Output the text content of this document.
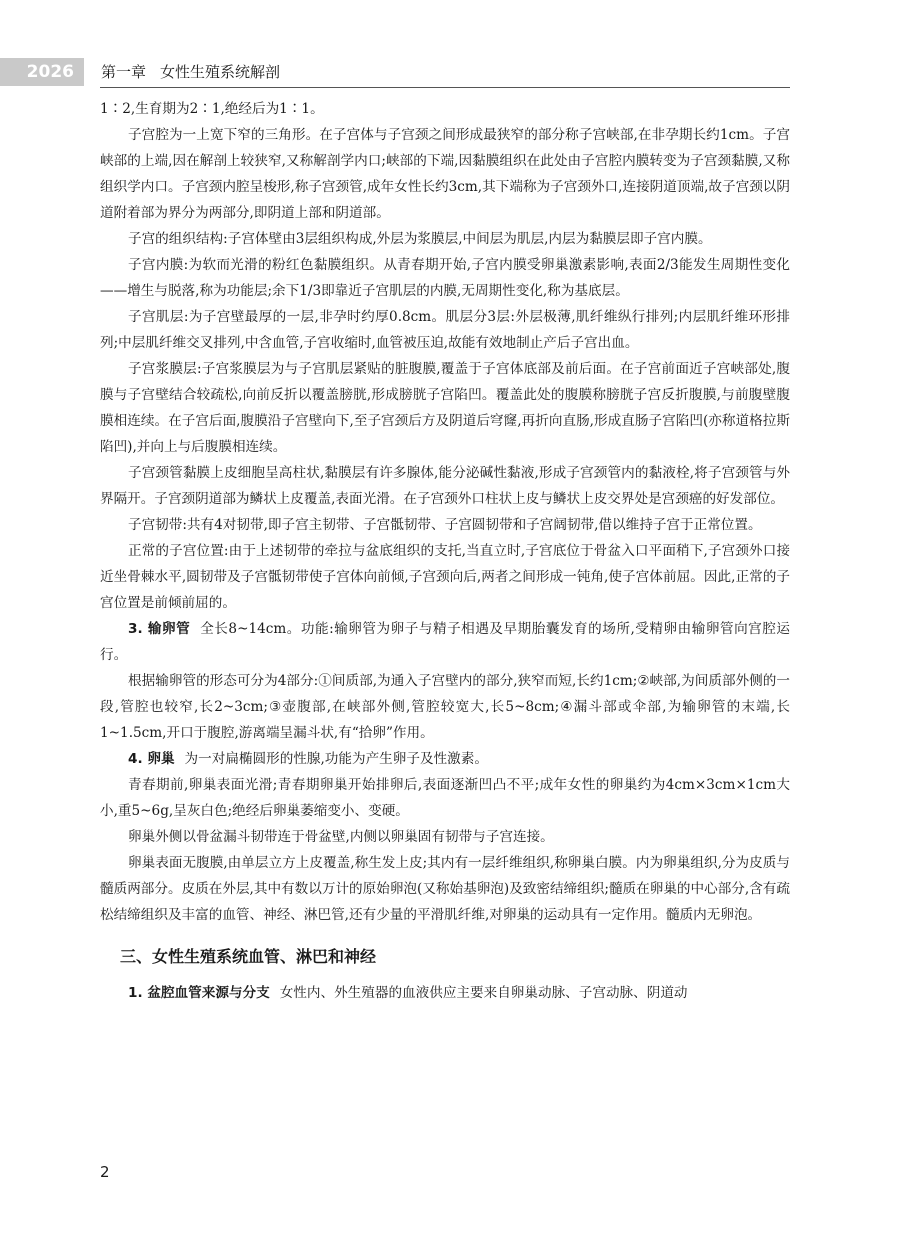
2026	第一章 女性生殖系统解剖

1∶2,生育期为2∶1,绝经后为1∶1。

子宫腔为一上宽下窄的三角形。在子宫体与子宫颈之间形成最狭窄的部分称子宫峡部,在非孕期长约1cm。子宫峡部的上端,因在解剖上较狭窄,又称解剖学内口;峡部的下端,因黏膜组织在此处由子宫腔内膜转变为子宫颈黏膜,又称组织学内口。子宫颈内腔呈梭形,称子宫颈管,成年女性长约3cm,其下端称为子宫颈外口,连接阴道顶端,故子宫颈以阴道附着部为界分为两部分,即阴道上部和阴道部。

子宫的组织结构:子宫体壁由3层组织构成,外层为浆膜层,中间层为肌层,内层为黏膜层即子宫内膜。

子宫内膜:为软而光滑的粉红色黏膜组织。从青春期开始,子宫内膜受卵巢激素影响,表面2/3能发生周期性变化——增生与脱落,称为功能层;余下1/3即靠近子宫肌层的内膜,无周期性变化,称为基底层。

子宫肌层:为子宫壁最厚的一层,非孕时约厚0.8cm。肌层分3层:外层极薄,肌纤维纵行排列;内层肌纤维环形排列;中层肌纤维交叉排列,中含血管,子宫收缩时,血管被压迫,故能有效地制止产后子宫出血。

子宫浆膜层:子宫浆膜层为与子宫肌层紧贴的脏腹膜,覆盖于子宫体底部及前后面。在子宫前面近子宫峡部处,腹膜与子宫壁结合较疏松,向前反折以覆盖膀胱,形成膀胱子宫陷凹。覆盖此处的腹膜称膀胱子宫反折腹膜,与前腹壁腹膜相连续。在子宫后面,腹膜沿子宫壁向下,至子宫颈后方及阴道后穹窿,再折向直肠,形成直肠子宫陷凹(亦称道格拉斯陷凹),并向上与后腹膜相连续。

子宫颈管黏膜上皮细胞呈高柱状,黏膜层有许多腺体,能分泌碱性黏液,形成子宫颈管内的黏液栓,将子宫颈管与外界隔开。子宫颈阴道部为鳞状上皮覆盖,表面光滑。在子宫颈外口柱状上皮与鳞状上皮交界处是宫颈癌的好发部位。

子宫韧带:共有4对韧带,即子宫主韧带、子宫骶韧带、子宫圆韧带和子宫阔韧带,借以维持子宫于正常位置。

正常的子宫位置:由于上述韧带的牵拉与盆底组织的支托,当直立时,子宫底位于骨盆入口平面稍下,子宫颈外口接近坐骨棘水平,圆韧带及子宫骶韧带使子宫体向前倾,子宫颈向后,两者之间形成一钝角,使子宫体前屈。因此,正常的子宫位置是前倾前屈的。

3. 输卵管 全长8~14cm。功能:输卵管为卵子与精子相遇及早期胎囊发育的场所,受精卵由输卵管向宫腔运行。

根据输卵管的形态可分为4部分:①间质部,为通入子宫壁内的部分,狭窄而短,长约1cm;②峡部,为间质部外侧的一段,管腔也较窄,长2~3cm;③壶腹部,在峡部外侧,管腔较宽大,长5~8cm;④漏斗部或伞部,为输卵管的末端,长1~1.5cm,开口于腹腔,游离端呈漏斗状,有“拾卵”作用。

4. 卵巢 为一对扁椭圆形的性腺,功能为产生卵子及性激素。

青春期前,卵巢表面光滑;青春期卵巢开始排卵后,表面逐渐凹凸不平;成年女性的卵巢约为4cm×3cm×1cm大小,重5~6g,呈灰白色;绝经后卵巢萎缩变小、变硬。

卵巢外侧以骨盆漏斗韧带连于骨盆壁,内侧以卵巢固有韧带与子宫连接。

卵巢表面无腹膜,由单层立方上皮覆盖,称生发上皮;其内有一层纤维组织,称卵巢白膜。内为卵巢组织,分为皮质与髓质两部分。皮质在外层,其中有数以万计的原始卵泡(又称始基卵泡)及致密结缔组织;髓质在卵巢的中心部分,含有疏松结缔组织及丰富的血管、神经、淋巴管,还有少量的平滑肌纤维,对卵巢的运动具有一定作用。髓质内无卵泡。

三、女性生殖系统血管、淋巴和神经

1. 盆腔血管来源与分支 女性内、外生殖器的血液供应主要来自卵巢动脉、子宫动脉、阴道动

2
